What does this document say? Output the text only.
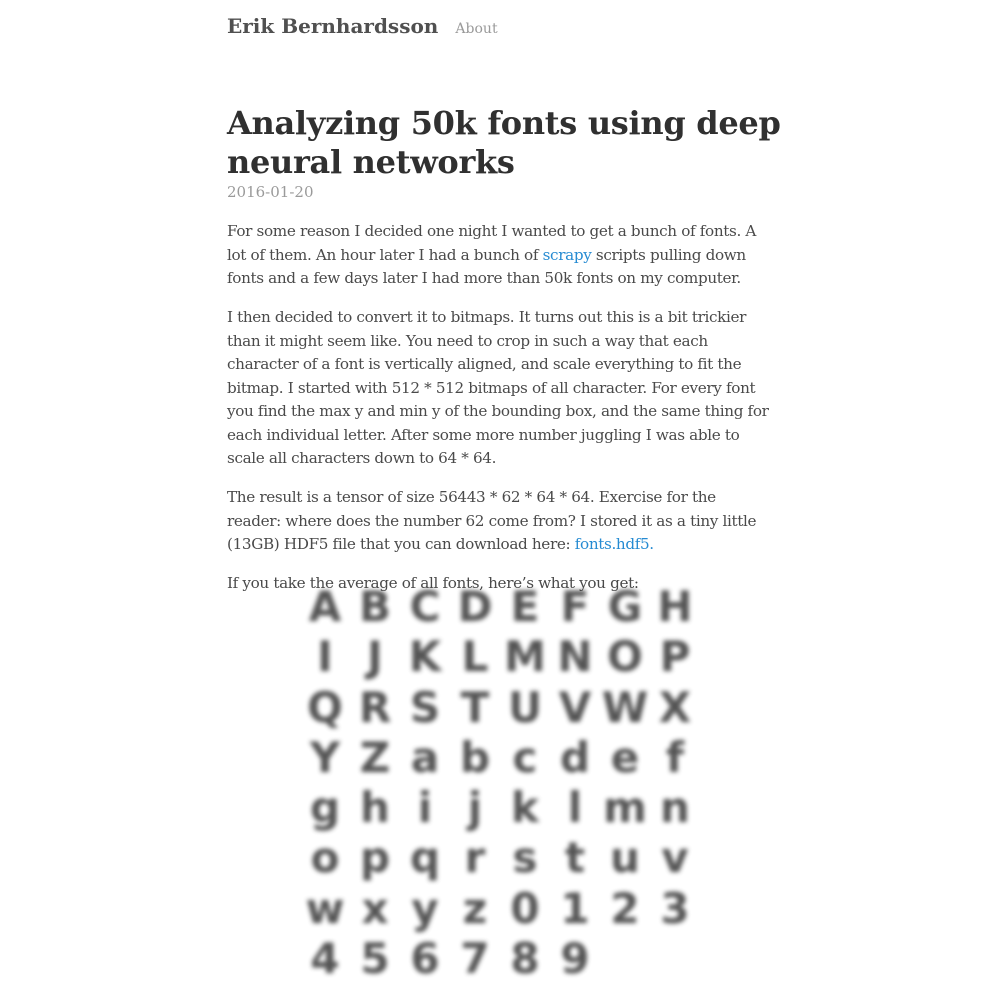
Erik Bernhardsson About
Analyzing 50k fonts using deep neural networks
2016-01-20

For some reason I decided one night I wanted to get a bunch of fonts. A lot of them. An hour later I had a bunch of scrapy scripts pulling down fonts and a few days later I had more than 50k fonts on my computer.

I then decided to convert it to bitmaps. It turns out this is a bit trickier than it might seem like. You need to crop in such a way that each character of a font is vertically aligned, and scale everything to fit the bitmap. I started with 512 * 512 bitmaps of all character. For every font you find the max y and min y of the bounding box, and the same thing for each individual letter. After some more number juggling I was able to scale all characters down to 64 * 64.

The result is a tensor of size 56443 * 62 * 64 * 64. Exercise for the reader: where does the number 62 come from? I stored it as a tiny little (13GB) HDF5 file that you can download here: fonts.hdf5.

If you take the average of all fonts, here’s what you get:

A B C D E F G H
I J K L M N O P
Q R S T U V W X
Y Z a b c d e f
g h i j k l m n
o p q r s t u v
w x y z 0 1 2 3
4 5 6 7 8 9
